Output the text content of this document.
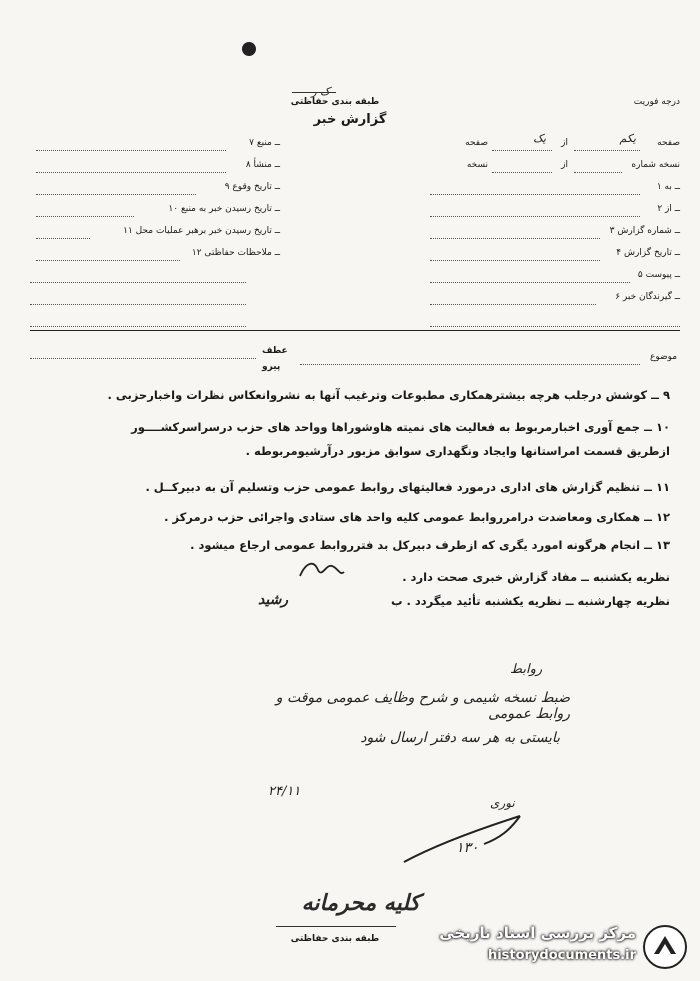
ک ر
طبقه بندی حفاظتی	درجه فوریت
گزارش خبر
صفحه
یکم
از
یک
صفحه
نسخه شماره
از
نسخه
۱ ــ به
۲ ــ از
۳ ــ شماره گزارش
۴ ــ تاریخ گزارش
۵ ــ پیوست
۶ ــ گیرندگان خبر
۷ ــ منبع
۸ ــ منشأ
۹ ــ تاریخ وقوع
۱۰ ــ تاریخ رسیدن خبر به منبع
۱۱ ــ تاریخ رسیدن خبر برهبر عملیات محل
۱۲ ــ ملاحظات حفاظتی
موضوع
عطف
پیرو
۹ ــ کوشش درجلب هرچه بیشترهمکاری مطبوعات وترغیب آنها به نشروانعکاس نظرات واخبارحزبی .
۱۰ ــ جمع آوری اخبارمربوط به فعالیت های نمیته هاوشوراها وواحد های حزب درسراسرکشــــور
ازطریق قسمت امراستانها وایجاد ونگهداری سوابق مزبور درآرشیومربوطه .
۱۱ ــ تنظیم گزارش های اداری درمورد فعالیتهای روابط عمومی حزب وتسلیم آن به دبیرکــل .
۱۲ ــ همکاری ومعاضدت درامرروابط عمومی کلیه واحد های ستادی واجرائی حزب درمرکز .
۱۳ ــ انجام هرگونه امورد یگری که ازطرف دبیرکل بد فترروابط عمومی ارجاع میشود .
نظریه یکشنبه ــ مفاد گزارش خبری صحت دارد .
نظریه چهارشنبه ــ نظریه یکشنبه تأئید میگردد . ب
رشید
روابط
ضبط نسخه شیمی و شرح وظایف عمومی موقت و روابط عمومی
بایستی به هر سه دفتر ارسال شود
۲۴/۱۱
نوری
۱۳۰
کلیه محرمانه
طبقه بندی حفاظتی	مرکز بررسی اسناد تاریخی
historydocuments.ir
